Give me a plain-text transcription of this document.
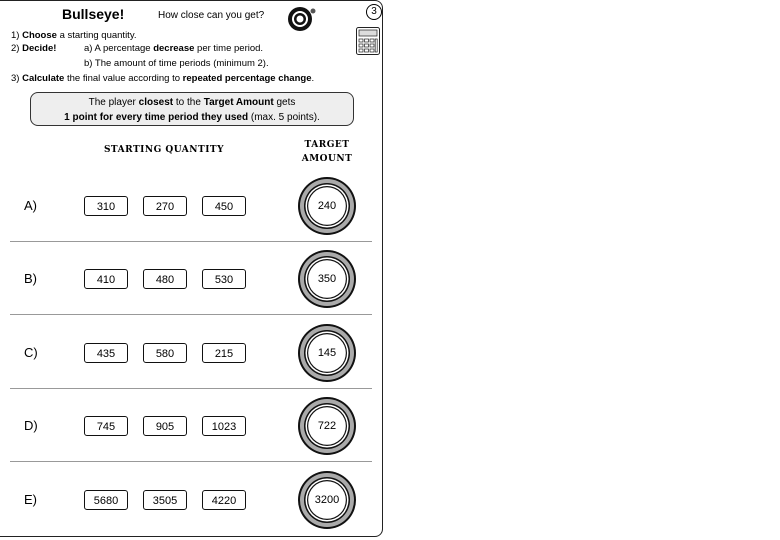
Bullseye!	How close can you get?	3
1) Choose a starting quantity.
2) Decide!	a) A percentage decrease per time period.
b) The amount of time periods (minimum 2).
3) Calculate the final value according to repeated percentage change.
The player closest to the Target Amount gets
1 point for every time period they used (max. 5 points).
STARTING QUANTITY	TARGET
AMOUNT
A)	310	270	450	240
B)	410	480	530	350
C)	435	580	215	145
D)	745	905	1023	722
E)	5680	3505	4220	3200
